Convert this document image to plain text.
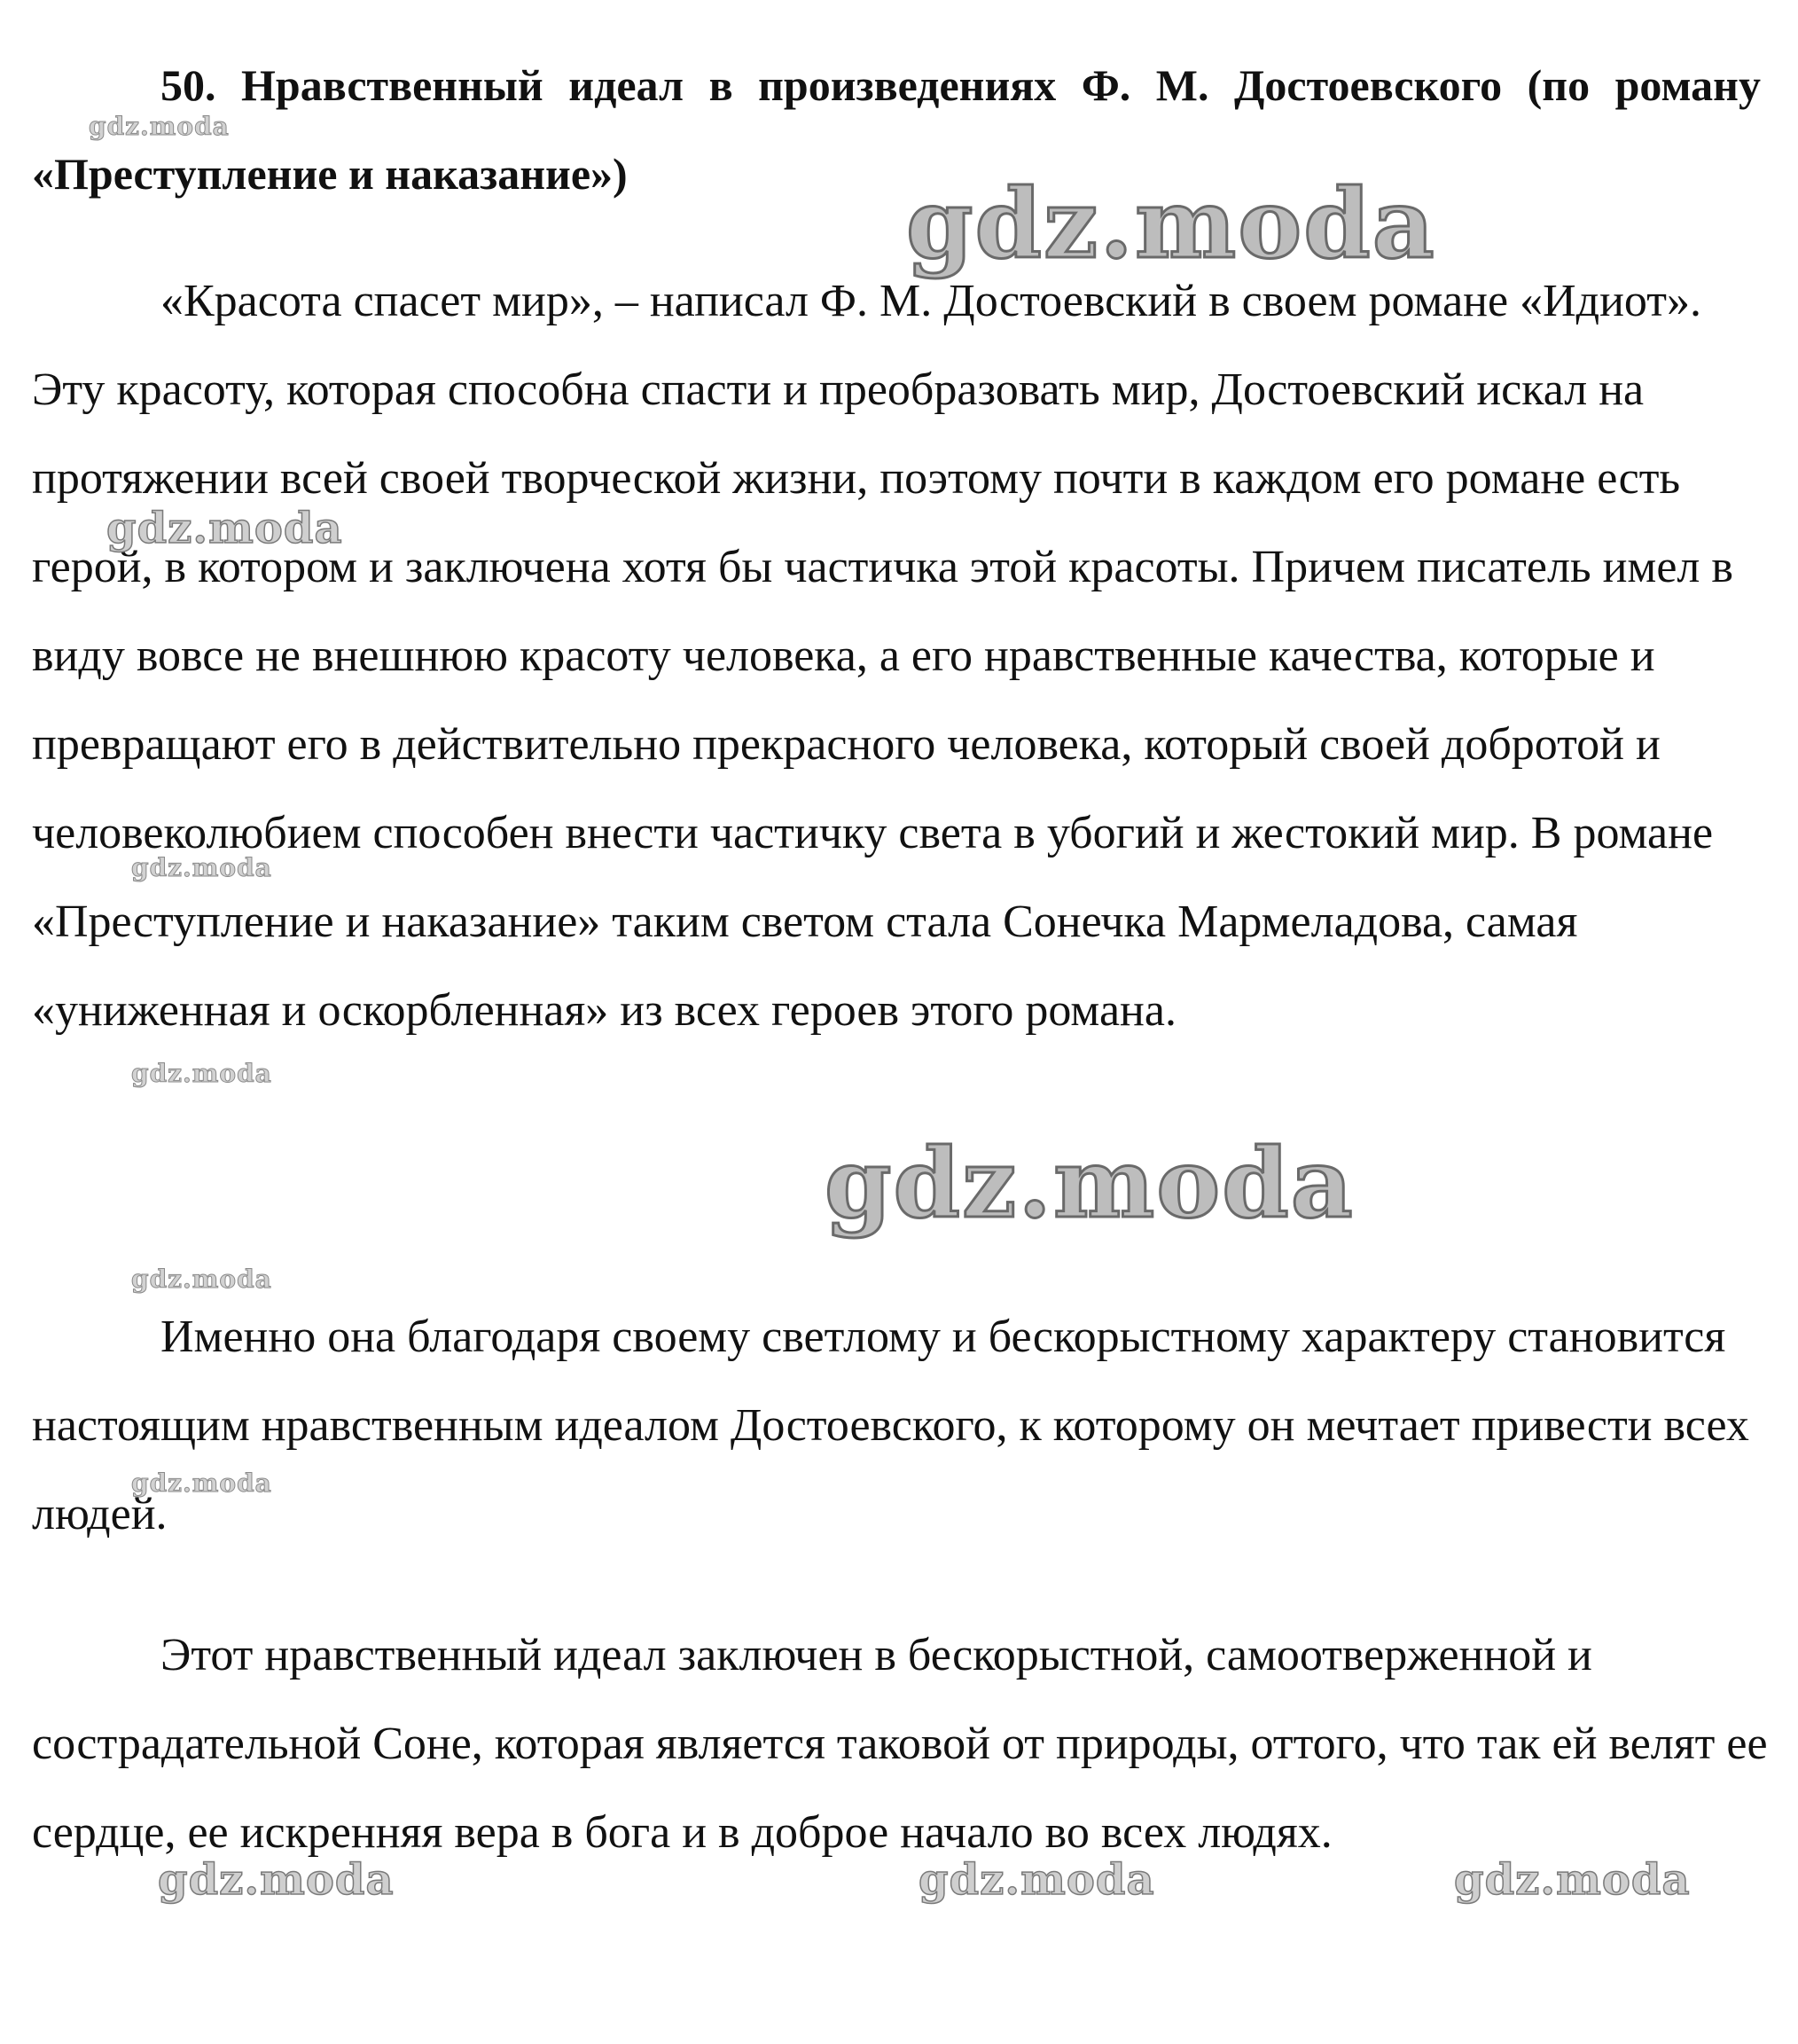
50. Нравственный идеал в произведениях Ф. М. Достоевского (по роману «Преступление и наказание»)

«Красота спасет мир», – написал Ф. М. Достоевский в своем романе «Идиот». Эту красоту, которая способна спасти и преобразовать мир, Достоевский искал на протяжении всей своей творческой жизни, поэтому почти в каждом его романе есть герой, в котором и заключена хотя бы частичка этой красоты. Причем писатель имел в виду вовсе не внешнюю красоту человека, а его нравственные качества, которые и превращают его в действительно прекрасного человека, который своей добротой и человеколюбием способен внести частичку света в убогий и жестокий мир. В романе «Преступление и наказание» таким светом стала Сонечка Мармеладова, самая «униженная и оскорбленная» из всех героев этого романа.

Именно она благодаря своему светлому и бескорыстному характеру становится настоящим нравственным идеалом Достоевского, к которому он мечтает привести всех людей.

Этот нравственный идеал заключен в бескорыстной, самоотверженной и сострадательной Соне, которая является таковой от природы, оттого, что так ей велят ее сердце, ее искренняя вера в бога и в доброе начало во всех людях.

gdz.moda
gdz.moda
gdz.moda
gdz.moda
gdz.moda
gdz.moda
gdz.moda
gdz.moda
gdz.moda	gdz.moda	gdz.moda
